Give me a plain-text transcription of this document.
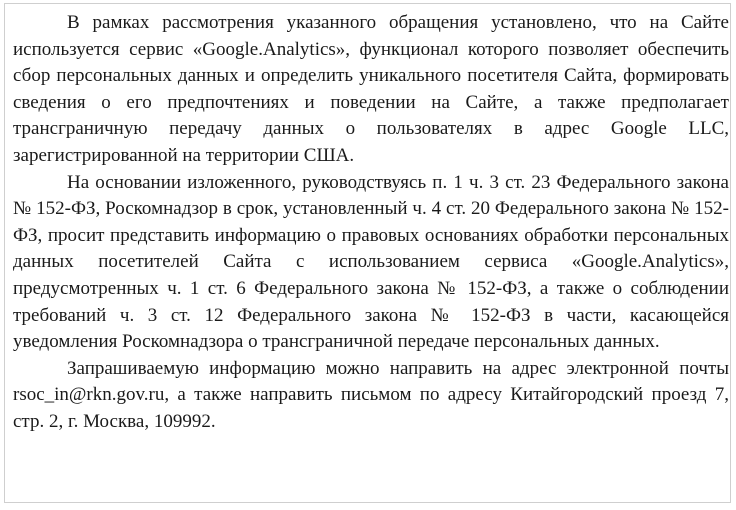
В рамках рассмотрения указанного обращения установлено, что на Сайте используется сервис «Google.Analytics», функционал которого позволяет обеспечить сбор персональных данных и определить уникального посетителя Сайта, формировать сведения о его предпочтениях и поведении на Сайте, а также предполагает трансграничную передачу данных о пользователях в адрес Google LLC, зарегистрированной на территории США.

На основании изложенного, руководствуясь п. 1 ч. 3 ст. 23 Федерального закона № 152-ФЗ, Роскомнадзор в срок, установленный ч. 4 ст. 20 Федерального закона № 152-ФЗ, просит представить информацию о правовых основаниях обработки персональных данных посетителей Сайта с использованием сервиса «Google.Analytics», предусмотренных ч. 1 ст. 6 Федерального закона № 152-ФЗ, а также о соблюдении требований ч. 3 ст. 12 Федерального закона № 152-ФЗ в части, касающейся уведомления Роскомнадзора о трансграничной передаче персональных данных.

Запрашиваемую информацию можно направить на адрес электронной почты rsoc_in@rkn.gov.ru, а также направить письмом по адресу Китайгородский проезд 7, стр. 2, г. Москва, 109992.
